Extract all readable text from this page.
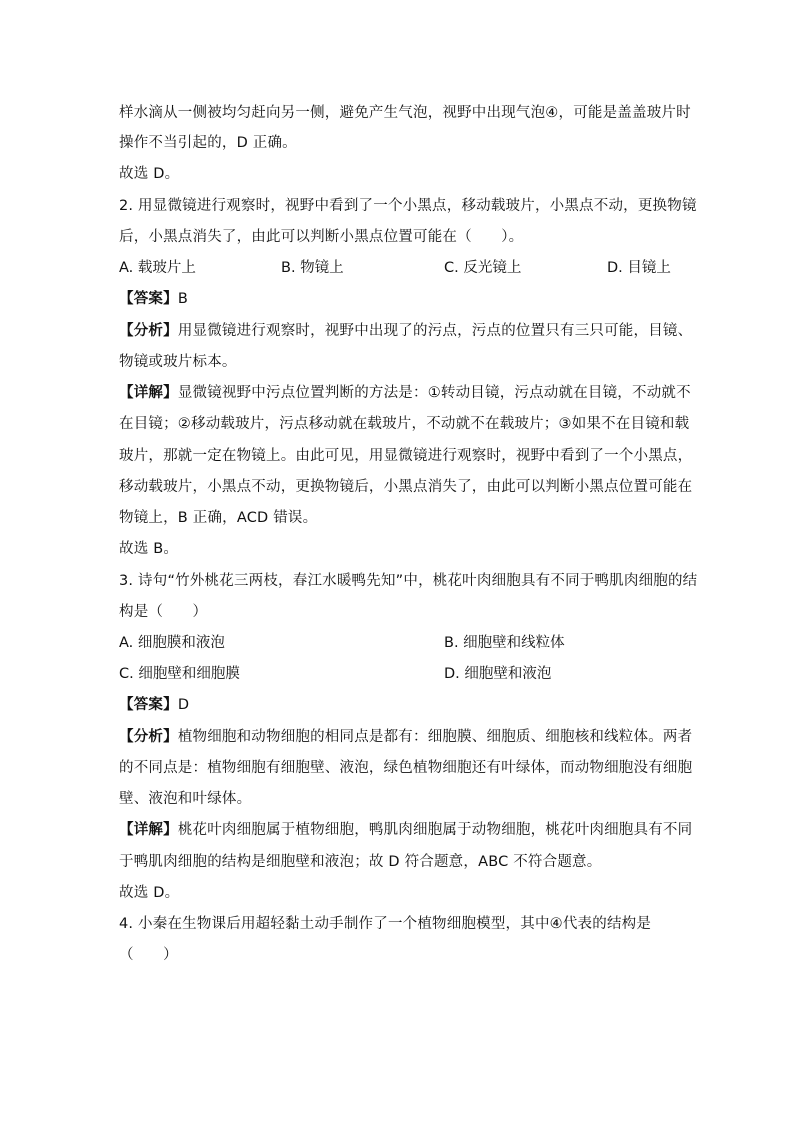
样水滴从一侧被均匀赶向另一侧，避免产生气泡，视野中出现气泡④，可能是盖盖玻片时
操作不当引起的，D 正确。
故选 D。
2. 用显微镜进行观察时，视野中看到了一个小黑点，移动载玻片，小黑点不动，更换物镜
后，小黑点消失了，由此可以判断小黑点位置可能在（　　）。
A. 载玻片上	B. 物镜上	C. 反光镜上	D. 目镜上
【答案】B
【分析】用显微镜进行观察时，视野中出现了的污点，污点的位置只有三只可能，目镜、
物镜或玻片标本。
【详解】显微镜视野中污点位置判断的方法是：①转动目镜，污点动就在目镜，不动就不
在目镜；②移动载玻片，污点移动就在载玻片，不动就不在载玻片；③如果不在目镜和载
玻片，那就一定在物镜上。由此可见，用显微镜进行观察时，视野中看到了一个小黑点，
移动载玻片，小黑点不动，更换物镜后，小黑点消失了，由此可以判断小黑点位置可能在
物镜上，B 正确，ACD 错误。
故选 B。
3. 诗句“竹外桃花三两枝，春江水暖鸭先知”中，桃花叶肉细胞具有不同于鸭肌肉细胞的结
构是（　　）
A. 细胞膜和液泡	B. 细胞壁和线粒体
C. 细胞壁和细胞膜	D. 细胞壁和液泡
【答案】D
【分析】植物细胞和动物细胞的相同点是都有：细胞膜、细胞质、细胞核和线粒体。两者
的不同点是：植物细胞有细胞壁、液泡，绿色植物细胞还有叶绿体，而动物细胞没有细胞
壁、液泡和叶绿体。
【详解】桃花叶肉细胞属于植物细胞，鸭肌肉细胞属于动物细胞，桃花叶肉细胞具有不同
于鸭肌肉细胞的结构是细胞壁和液泡；故 D 符合题意，ABC 不符合题意。
故选 D。
4. 小秦在生物课后用超轻黏土动手制作了一个植物细胞模型，其中④代表的结构是
（　　）
